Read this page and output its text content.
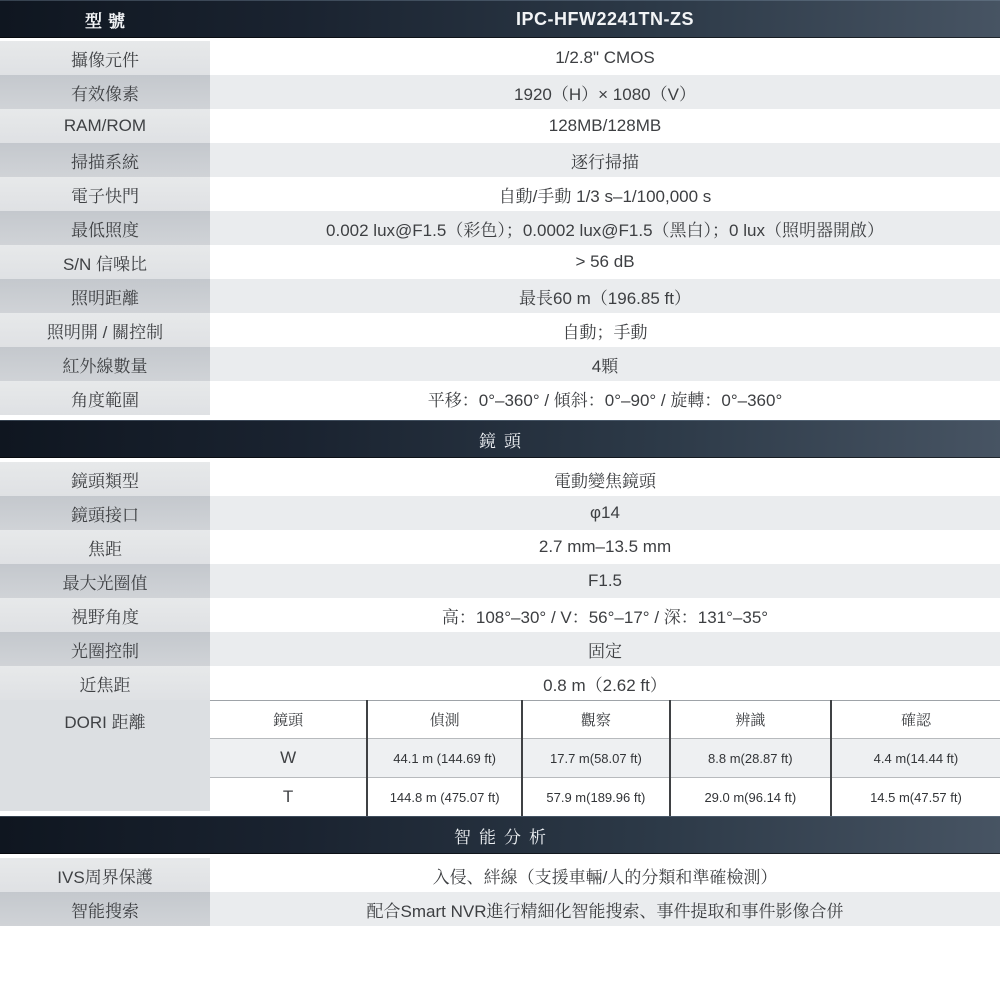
型號	IPC-HFW2241TN-ZS
攝像元件	1/2.8" CMOS
有效像素	1920（H）× 1080（V）
RAM/ROM	128MB/128MB
掃描系統	逐行掃描
電子快門	自動/手動 1/3 s–1/100,000 s
最低照度	0.002 lux@F1.5（彩色）；0.0002 lux@F1.5（黑白）；0 lux（照明器開啟）
S/N 信噪比	> 56 dB
照明距離	最長60 m（196.85 ft）
照明開 / 關控制	自動；手動
紅外線數量	4顆
角度範圍	平移：0°–360° / 傾斜：0°–90° / 旋轉：0°–360°
鏡頭
鏡頭類型	電動變焦鏡頭
鏡頭接口	φ14
焦距	2.7 mm–13.5 mm
最大光圈值	F1.5
視野角度	高：108°–30° / V：56°–17° / 深：131°–35°
光圈控制	固定
近焦距	0.8 m（2.62 ft）
DORI 距離	鏡頭	偵測	觀察	辨識	確認
W	44.1 m (144.69 ft)	17.7 m(58.07 ft)	8.8 m(28.87 ft)	4.4 m(14.44 ft)
T	144.8 m (475.07 ft)	57.9 m(189.96 ft)	29.0 m(96.14 ft)	14.5 m(47.57 ft)
智能分析
IVS周界保護	入侵、絆線（支援車輛/人的分類和準確檢測）
智能搜索	配合Smart NVR進行精細化智能搜索、事件提取和事件影像合併
